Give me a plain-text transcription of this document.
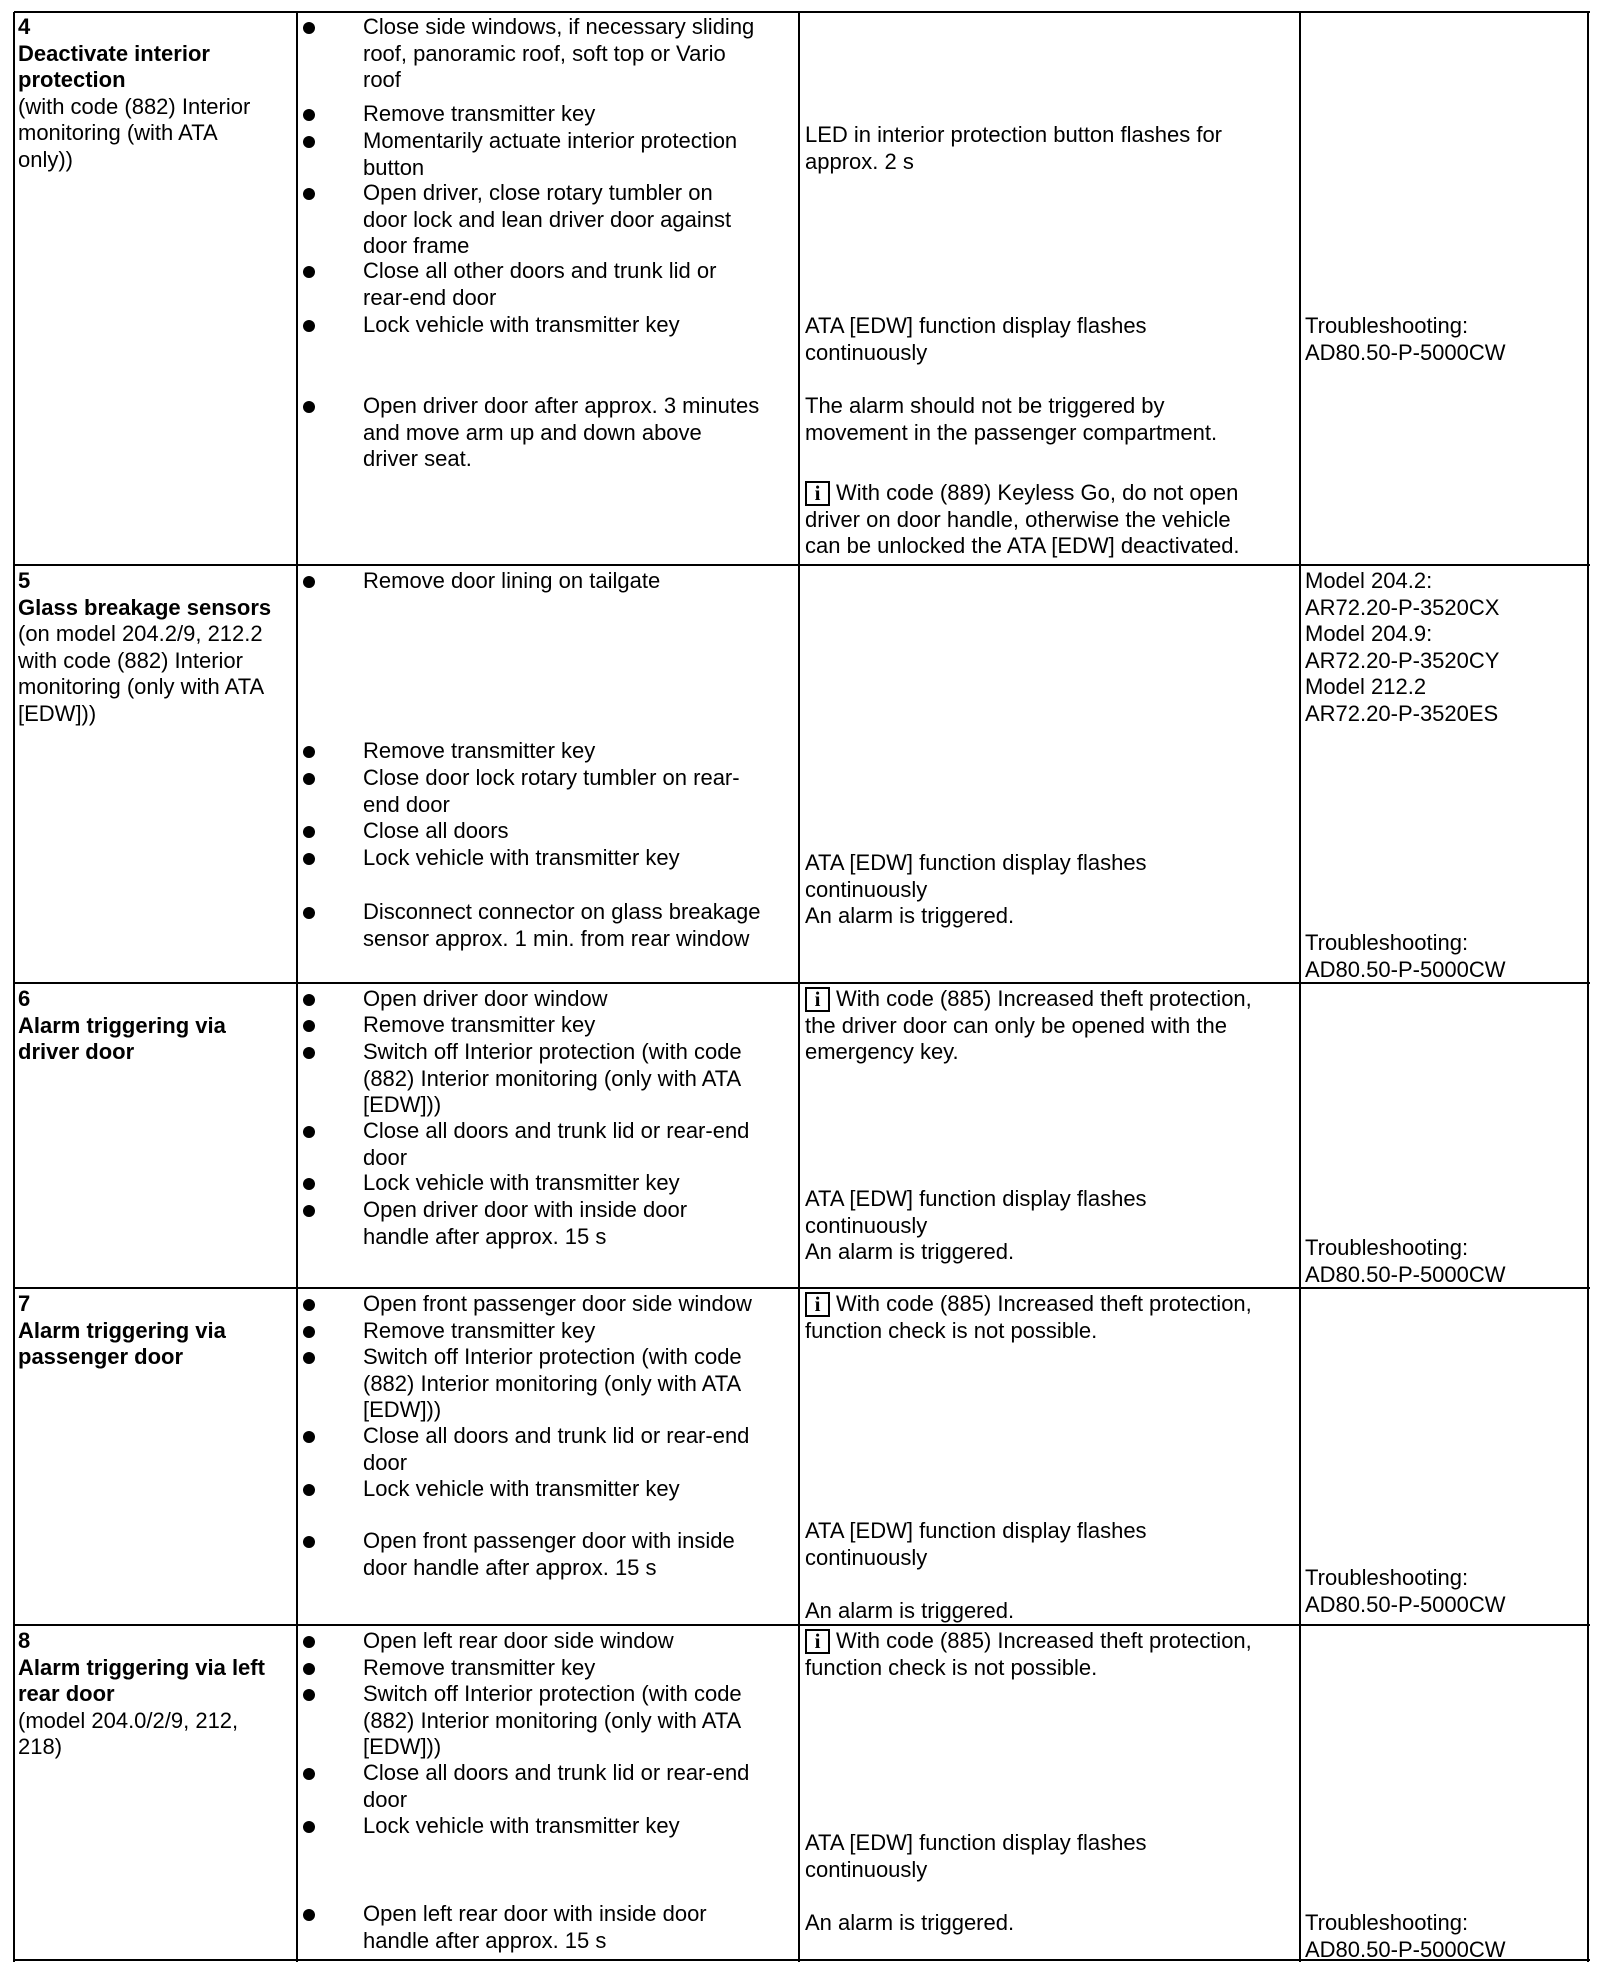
4
Deactivate interior
protection
(with code (882) Interior
monitoring (with ATA
only))
Close side windows, if necessary sliding
roof, panoramic roof, soft top or Vario
roof
Remove transmitter key
Momentarily actuate interior protection
button
Open driver, close rotary tumbler on
door lock and lean driver door against
door frame
Close all other doors and trunk lid or
rear-end door
Lock vehicle with transmitter key
Open driver door after approx. 3 minutes
and move arm up and down above
driver seat.
LED in interior protection button flashes for
approx. 2 s
ATA [EDW] function display flashes
continuously
The alarm should not be triggered by
movement in the passenger compartment.
i With code (889) Keyless Go, do not open
driver on door handle, otherwise the vehicle
can be unlocked the ATA [EDW] deactivated.
Troubleshooting:
AD80.50-P-5000CW
5
Glass breakage sensors
(on model 204.2/9, 212.2
with code (882) Interior
monitoring (only with ATA
[EDW]))
Remove door lining on tailgate
Remove transmitter key
Close door lock rotary tumbler on rear-
end door
Close all doors
Lock vehicle with transmitter key
Disconnect connector on glass breakage
sensor approx. 1 min. from rear window
ATA [EDW] function display flashes
continuously
An alarm is triggered.
Model 204.2:
AR72.20-P-3520CX
Model 204.9:
AR72.20-P-3520CY
Model 212.2
AR72.20-P-3520ES
Troubleshooting:
AD80.50-P-5000CW
6
Alarm triggering via
driver door
Open driver door window
Remove transmitter key
Switch off Interior protection (with code
(882) Interior monitoring (only with ATA
[EDW]))
Close all doors and trunk lid or rear-end
door
Lock vehicle with transmitter key
Open driver door with inside door
handle after approx. 15 s
i With code (885) Increased theft protection,
the driver door can only be opened with the
emergency key.
ATA [EDW] function display flashes
continuously
An alarm is triggered.	Troubleshooting:
AD80.50-P-5000CW
7
Alarm triggering via
passenger door
Open front passenger door side window
Remove transmitter key
Switch off Interior protection (with code
(882) Interior monitoring (only with ATA
[EDW]))
Close all doors and trunk lid or rear-end
door
Lock vehicle with transmitter key
Open front passenger door with inside
door handle after approx. 15 s
i With code (885) Increased theft protection,
function check is not possible.
ATA [EDW] function display flashes
continuously
An alarm is triggered.
Troubleshooting:
AD80.50-P-5000CW
8
Alarm triggering via left
rear door
(model 204.0/2/9, 212,
218)
Open left rear door side window
Remove transmitter key
Switch off Interior protection (with code
(882) Interior monitoring (only with ATA
[EDW]))
Close all doors and trunk lid or rear-end
door
Lock vehicle with transmitter key
Open left rear door with inside door
handle after approx. 15 s
i With code (885) Increased theft protection,
function check is not possible.
ATA [EDW] function display flashes
continuously
An alarm is triggered.	Troubleshooting:
AD80.50-P-5000CW
